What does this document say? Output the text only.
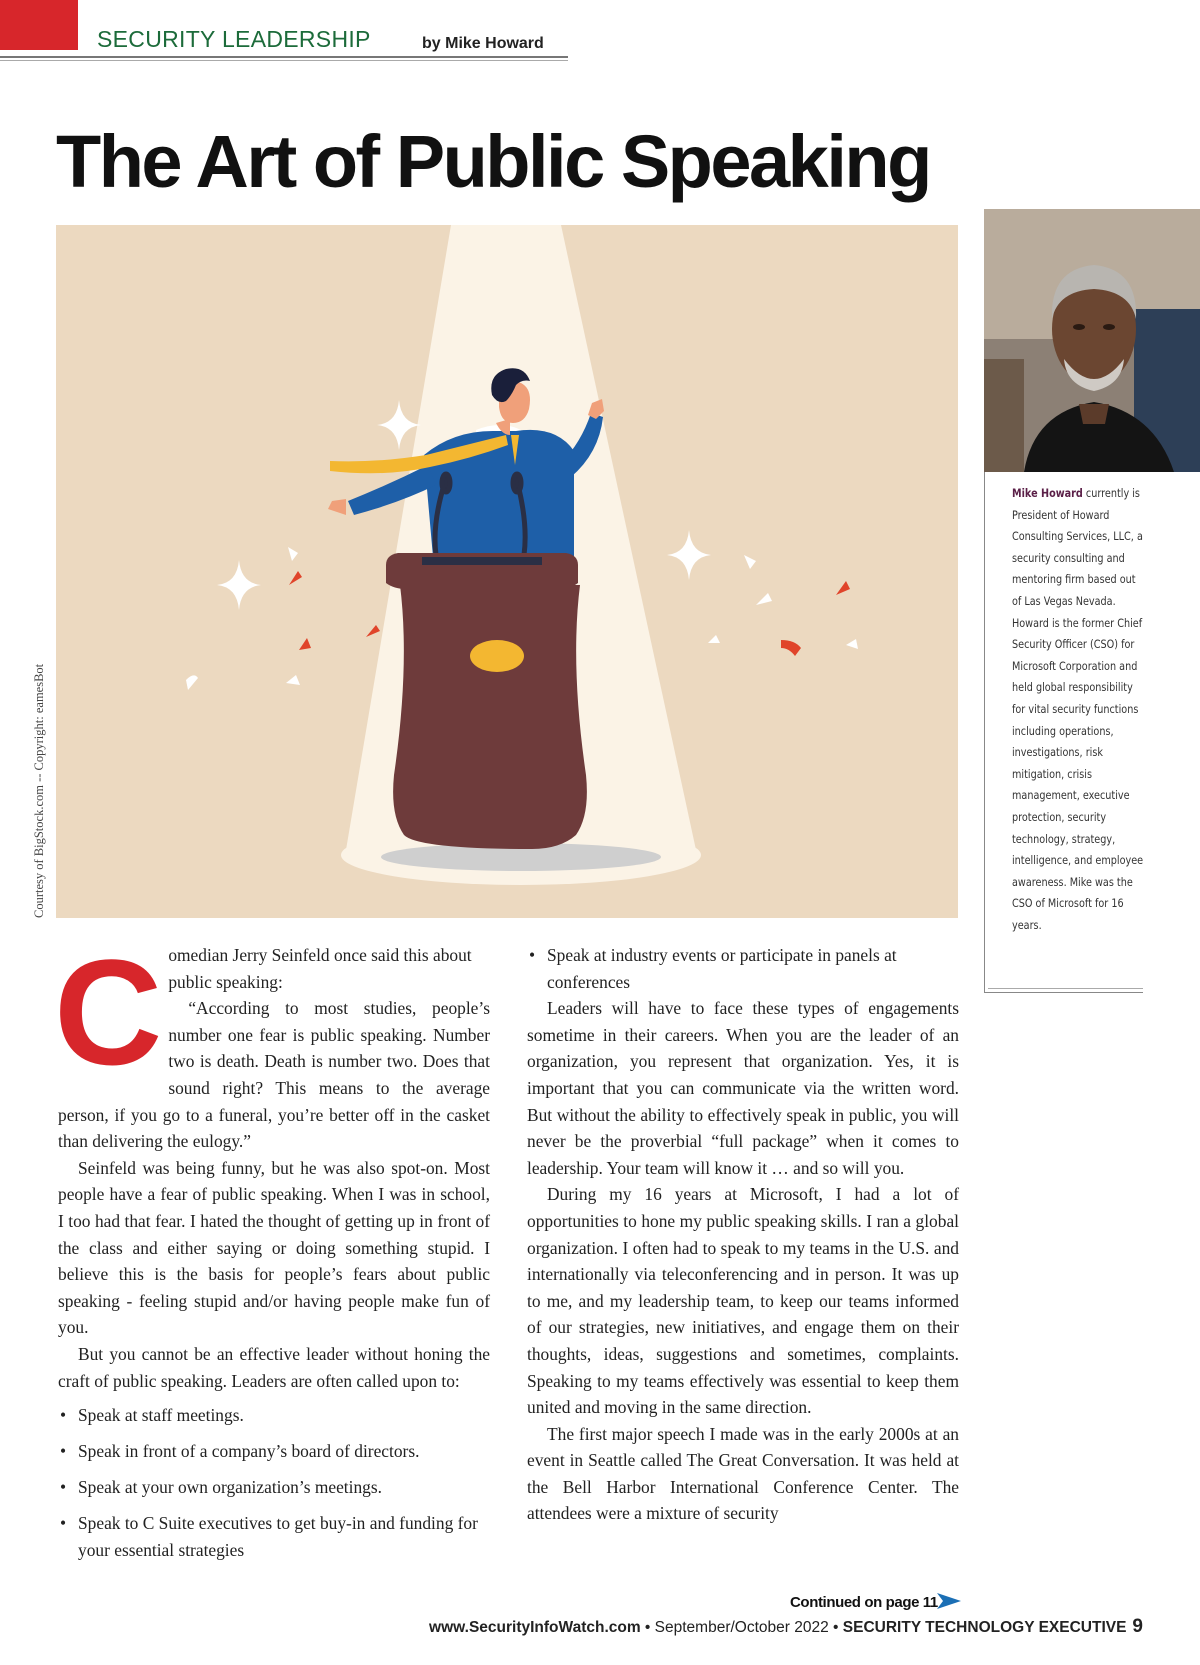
SECURITY LEADERSHIP	by Mike Howard
The Art of Public Speaking
Courtesy of BigStock.com -- Copyright: eamesBot

Mike Howard currently is President of Howard Consulting Services, LLC, a security consulting and mentoring firm based out of Las Vegas Nevada. Howard is the former Chief Security Officer (CSO) for Microsoft Corporation and held global responsibility for vital security functions including operations, investigations, risk mitigation, crisis management, executive protection, security technology, strategy, intelligence, and employee awareness. Mike was the CSO of Microsoft for 16 years.

C omedian Jerry Seinfeld once said this about public speaking:

“According to most studies, people’s number one fear is public speaking. Number two is death. Death is number two. Does that sound right? This means to the average person, if you go to a funeral, you’re better off in the casket than delivering the eulogy.”

Seinfeld was being funny, but he was also spot-on. Most people have a fear of public speaking. When I was in school, I too had that fear. I hated the thought of getting up in front of the class and either saying or doing something stupid. I believe this is the basis for people’s fears about public speaking - feeling stupid and/or having people make fun of you.

But you cannot be an effective leader without honing the craft of public speaking. Leaders are often called upon to:

• Speak at staff meetings.
• Speak in front of a company’s board of directors.
• Speak at your own organization’s meetings.
• Speak to C Suite executives to get buy-in and funding for your essential strategies
• Speak at industry events or participate in panels at conferences

Leaders will have to face these types of engagements sometime in their careers. When you are the leader of an organization, you represent that organization. Yes, it is important that you can communicate via the written word. But without the ability to effectively speak in public, you will never be the proverbial “full package” when it comes to leadership. Your team will know it … and so will you.

During my 16 years at Microsoft, I had a lot of opportunities to hone my public speaking skills. I ran a global organization. I often had to speak to my teams in the U.S. and internationally via teleconferencing and in person. It was up to me, and my leadership team, to keep our teams informed of our strategies, new initiatives, and engage them on their thoughts, ideas, suggestions and sometimes, complaints. Speaking to my teams effectively was essential to keep them united and moving in the same direction.

The first major speech I made was in the early 2000s at an event in Seattle called The Great Conversation. It was held at the Bell Harbor International Conference Center. The attendees were a mixture of security

Continued on page 11
www.SecurityInfoWatch.com • September/October 2022 • SECURITY TECHNOLOGY EXECUTIVE 9
